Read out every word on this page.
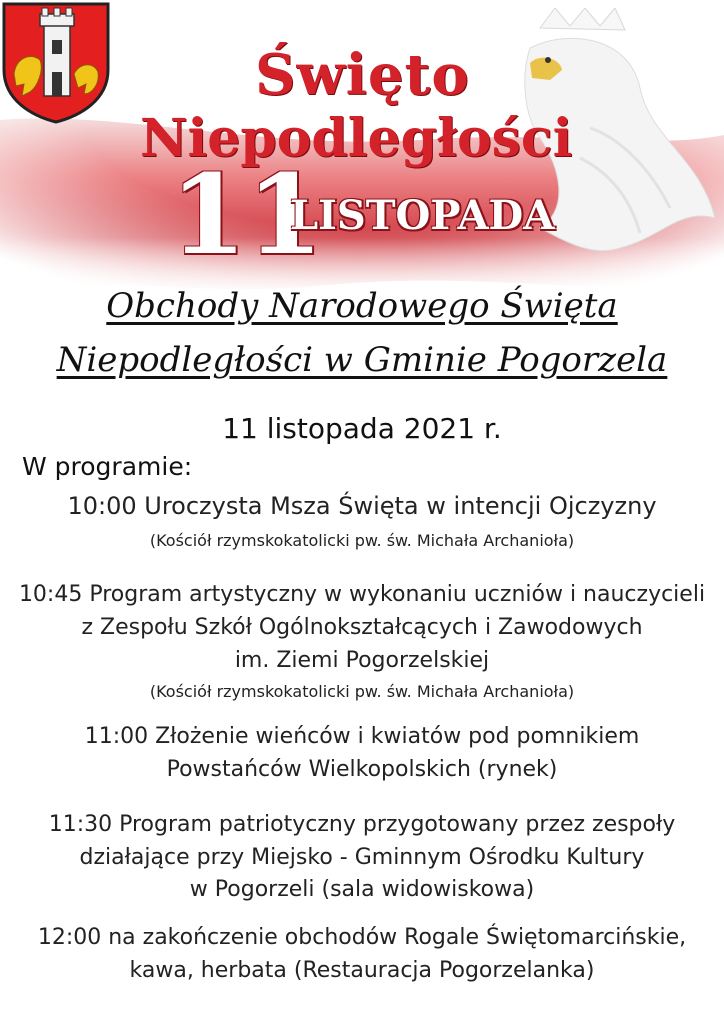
Święto
Niepodległości
11
LISTOPADA
Obchody Narodowego Święta
Niepodległości w Gminie Pogorzela
11 listopada 2021 r.
W programie:
10:00 Uroczysta Msza Święta w intencji Ojczyzny
(Kościół rzymskokatolicki pw. św. Michała Archanioła)
10:45 Program artystyczny w wykonaniu uczniów i nauczycieli
z Zespołu Szkół Ogólnokształcących i Zawodowych
im. Ziemi Pogorzelskiej
(Kościół rzymskokatolicki pw. św. Michała Archanioła)
11:00 Złożenie wieńców i kwiatów pod pomnikiem
Powstańców Wielkopolskich (rynek)
11:30 Program patriotyczny przygotowany przez zespoły
działające przy Miejsko - Gminnym Ośrodku Kultury
w Pogorzeli (sala widowiskowa)
12:00 na zakończenie obchodów Rogale Świętomarcińskie,
kawa, herbata (Restauracja Pogorzelanka)
